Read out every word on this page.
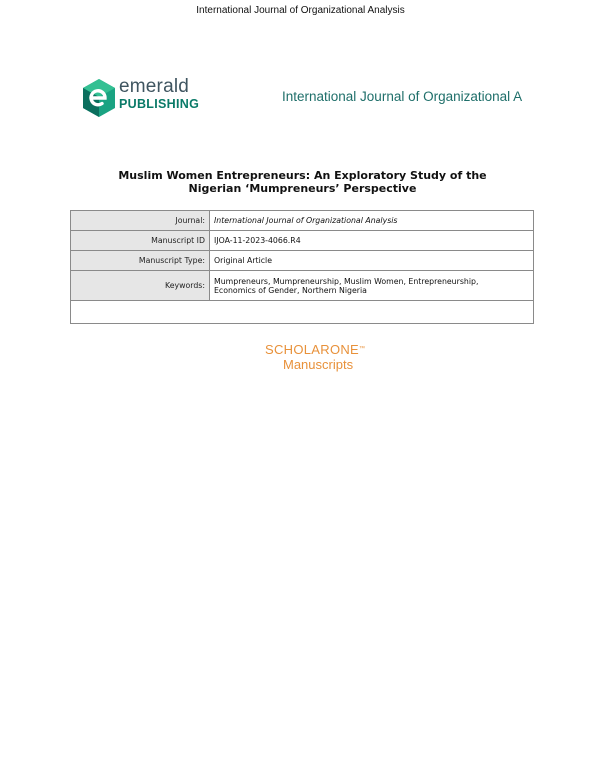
International Journal of Organizational Analysis
emerald
PUBLISHING	International Journal of Organizational A
Muslim Women Entrepreneurs: An Exploratory Study of the
Nigerian ‘Mumpreneurs’ Perspective
Journal:	International Journal of Organizational Analysis
Manuscript ID	IJOA-11-2023-4066.R4
Manuscript Type:	Original Article
Keywords:	Mumpreneurs, Mumpreneurship, Muslim Women, Entrepreneurship,
Economics of Gender, Northern Nigeria

SCHOLARONE™
Manuscripts
